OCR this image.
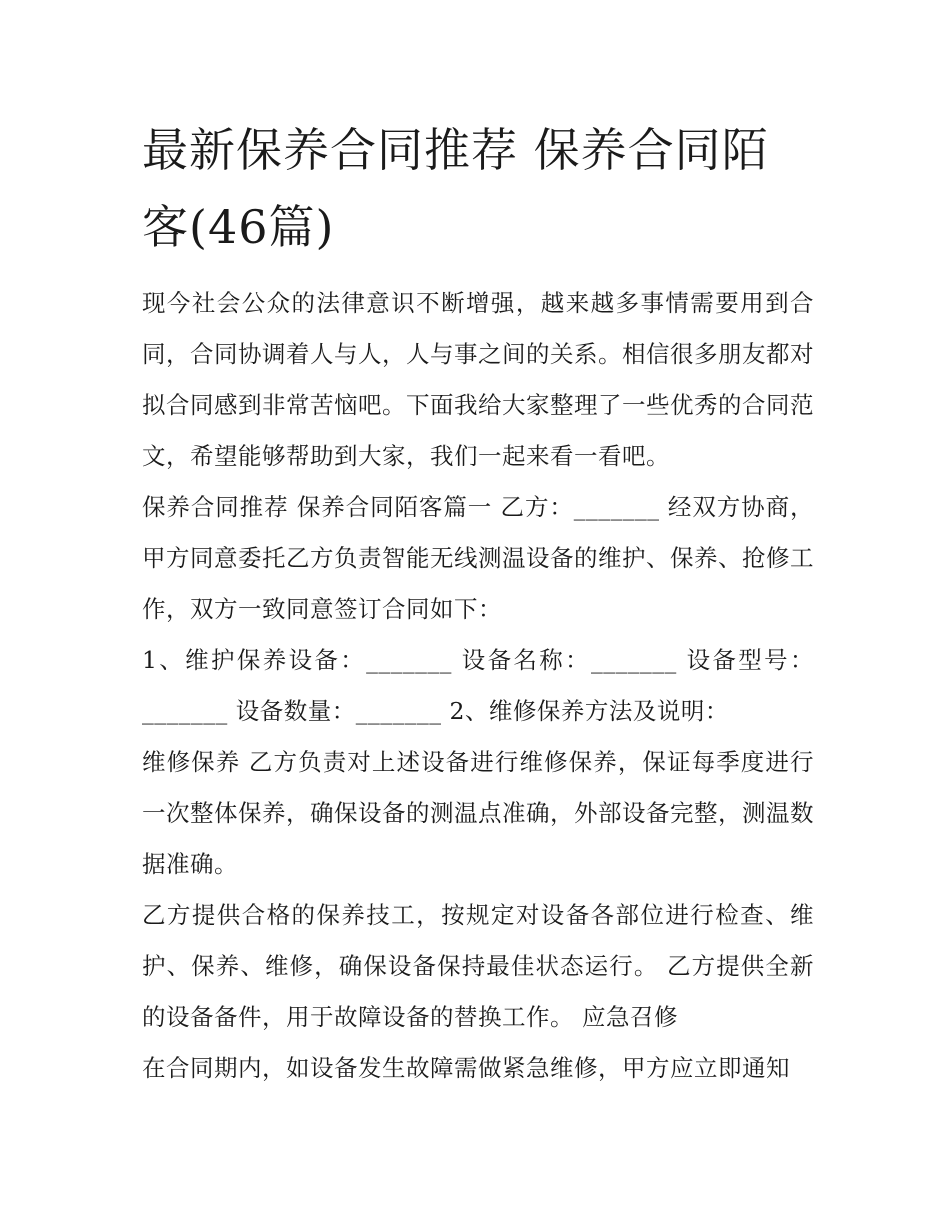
最新保养合同推荐 保养合同陌客(46篇)

现今社会公众的法律意识不断增强，越来越多事情需要用到合同，合同协调着人与人，人与事之间的关系。相信很多朋友都对拟合同感到非常苦恼吧。下面我给大家整理了一些优秀的合同范文，希望能够帮助到大家，我们一起来看一看吧。

保养合同推荐 保养合同陌客篇一 乙方：_______ 经双方协商，甲方同意委托乙方负责智能无线测温设备的维护、保养、抢修工作，双方一致同意签订合同如下：

1、维护保养设备：_______ 设备名称：_______ 设备型号：_______ 设备数量：_______ 2、维修保养方法及说明：

维修保养 乙方负责对上述设备进行维修保养，保证每季度进行一次整体保养，确保设备的测温点准确，外部设备完整，测温数据准确。

乙方提供合格的保养技工，按规定对设备各部位进行检查、维护、保养、维修，确保设备保持最佳状态运行。 乙方提供全新的设备备件，用于故障设备的替换工作。 应急召修

在合同期内，如设备发生故障需做紧急维修，甲方应立即通知
